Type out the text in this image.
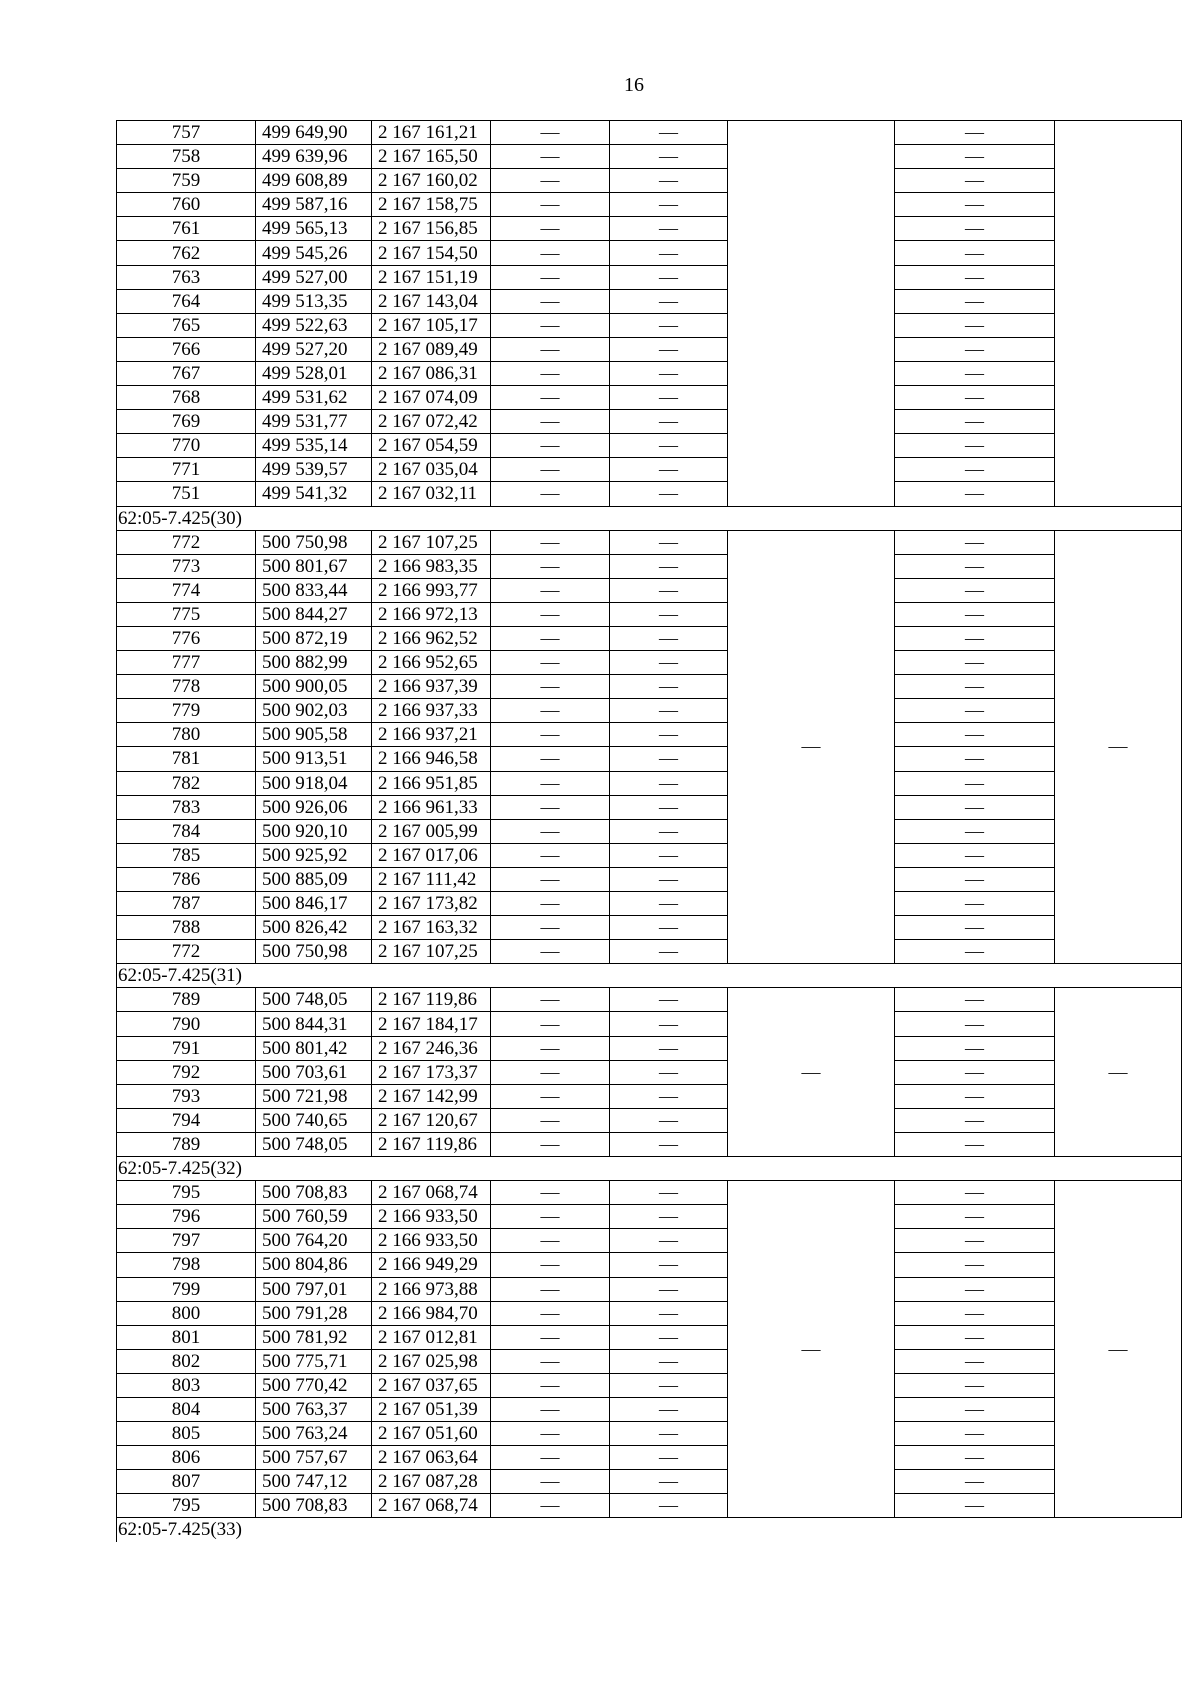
16
757	499 649,90	2 167 161,21	—	—		—	
758	499 639,96	2 167 165,50	—	—		—	
759	499 608,89	2 167 160,02	—	—		—	
760	499 587,16	2 167 158,75	—	—		—	
761	499 565,13	2 167 156,85	—	—		—	
762	499 545,26	2 167 154,50	—	—		—	
763	499 527,00	2 167 151,19	—	—		—	
764	499 513,35	2 167 143,04	—	—		—	
765	499 522,63	2 167 105,17	—	—		—	
766	499 527,20	2 167 089,49	—	—		—	
767	499 528,01	2 167 086,31	—	—		—	
768	499 531,62	2 167 074,09	—	—		—	
769	499 531,77	2 167 072,42	—	—		—	
770	499 535,14	2 167 054,59	—	—		—	
771	499 539,57	2 167 035,04	—	—		—	
751	499 541,32	2 167 032,11	—	—		—	
62:05-7.425(30)							
772	500 750,98	2 167 107,25	—	—	—	—	—
773	500 801,67	2 166 983,35	—	—		—	
774	500 833,44	2 166 993,77	—	—		—	
775	500 844,27	2 166 972,13	—	—		—	
776	500 872,19	2 166 962,52	—	—		—	
777	500 882,99	2 166 952,65	—	—		—	
778	500 900,05	2 166 937,39	—	—		—	
779	500 902,03	2 166 937,33	—	—		—	
780	500 905,58	2 166 937,21	—	—		—	
781	500 913,51	2 166 946,58	—	—		—	
782	500 918,04	2 166 951,85	—	—		—	
783	500 926,06	2 166 961,33	—	—		—	
784	500 920,10	2 167 005,99	—	—		—	
785	500 925,92	2 167 017,06	—	—		—	
786	500 885,09	2 167 111,42	—	—		—	
787	500 846,17	2 167 173,82	—	—		—	
788	500 826,42	2 167 163,32	—	—		—	
772	500 750,98	2 167 107,25	—	—		—	
62:05-7.425(31)							
789	500 748,05	2 167 119,86	—	—	—	—	—
790	500 844,31	2 167 184,17	—	—		—	
791	500 801,42	2 167 246,36	—	—		—	
792	500 703,61	2 167 173,37	—	—		—	
793	500 721,98	2 167 142,99	—	—		—	
794	500 740,65	2 167 120,67	—	—		—	
789	500 748,05	2 167 119,86	—	—		—	
62:05-7.425(32)							
795	500 708,83	2 167 068,74	—	—	—	—	—
796	500 760,59	2 166 933,50	—	—		—	
797	500 764,20	2 166 933,50	—	—		—	
798	500 804,86	2 166 949,29	—	—		—	
799	500 797,01	2 166 973,88	—	—		—	
800	500 791,28	2 166 984,70	—	—		—	
801	500 781,92	2 167 012,81	—	—		—	
802	500 775,71	2 167 025,98	—	—		—	
803	500 770,42	2 167 037,65	—	—		—	
804	500 763,37	2 167 051,39	—	—		—	
805	500 763,24	2 167 051,60	—	—		—	
806	500 757,67	2 167 063,64	—	—		—	
807	500 747,12	2 167 087,28	—	—		—	
795	500 708,83	2 167 068,74	—	—		—	
62:05-7.425(33)							
